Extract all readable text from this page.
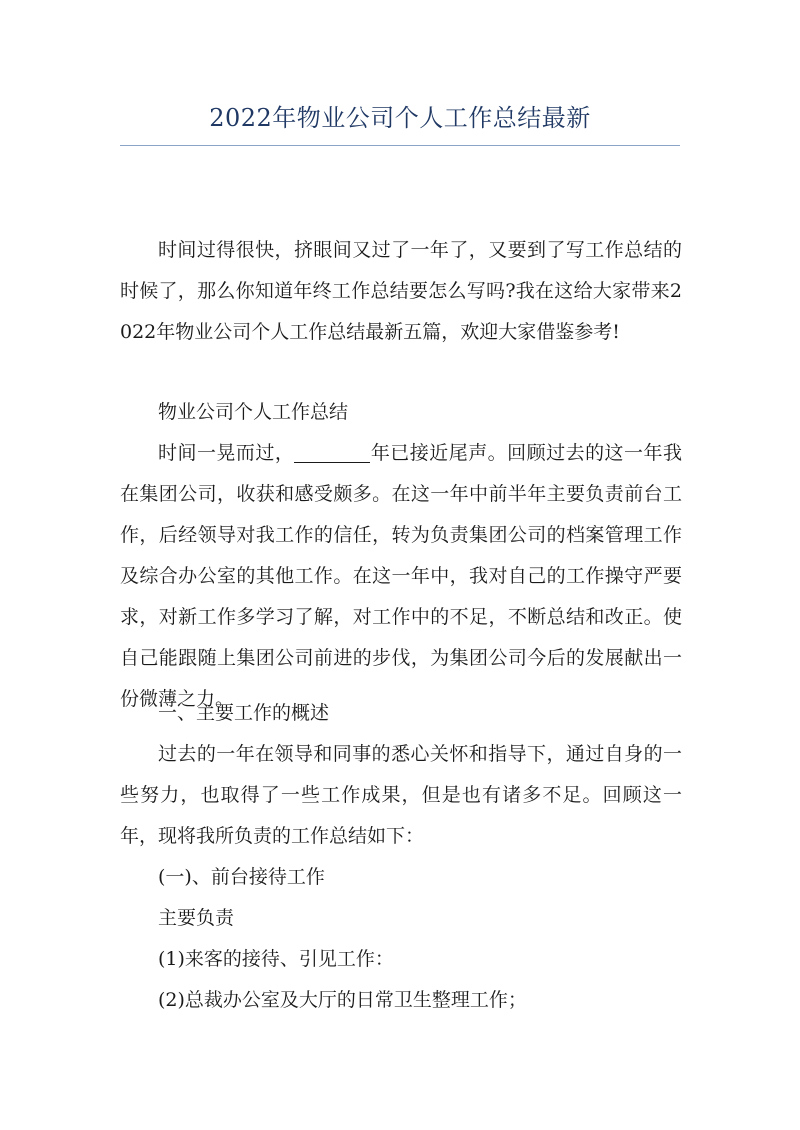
2022年物业公司个人工作总结最新

时间过得很快，挤眼间又过了一年了，又要到了写工作总结的时候了，那么你知道年终工作总结要怎么写吗?我在这给大家带来2022年物业公司个人工作总结最新五篇，欢迎大家借鉴参考!

物业公司个人工作总结

时间一晃而过，	年已接近尾声。回顾过去的这一年我在集团公司，收获和感受颇多。在这一年中前半年主要负责前台工作，后经领导对我工作的信任，转为负责集团公司的档案管理工作及综合办公室的其他工作。在这一年中，我对自己的工作操守严要求，对新工作多学习了解，对工作中的不足，不断总结和改正。使自己能跟随上集团公司前进的步伐，为集团公司今后的发展献出一份微薄之力。

一、主要工作的概述

过去的一年在领导和同事的悉心关怀和指导下，通过自身的一些努力，也取得了一些工作成果，但是也有诸多不足。回顾这一年，现将我所负责的工作总结如下：

(一)、前台接待工作
主要负责
(1)来客的接待、引见工作：
(2)总裁办公室及大厅的日常卫生整理工作；
